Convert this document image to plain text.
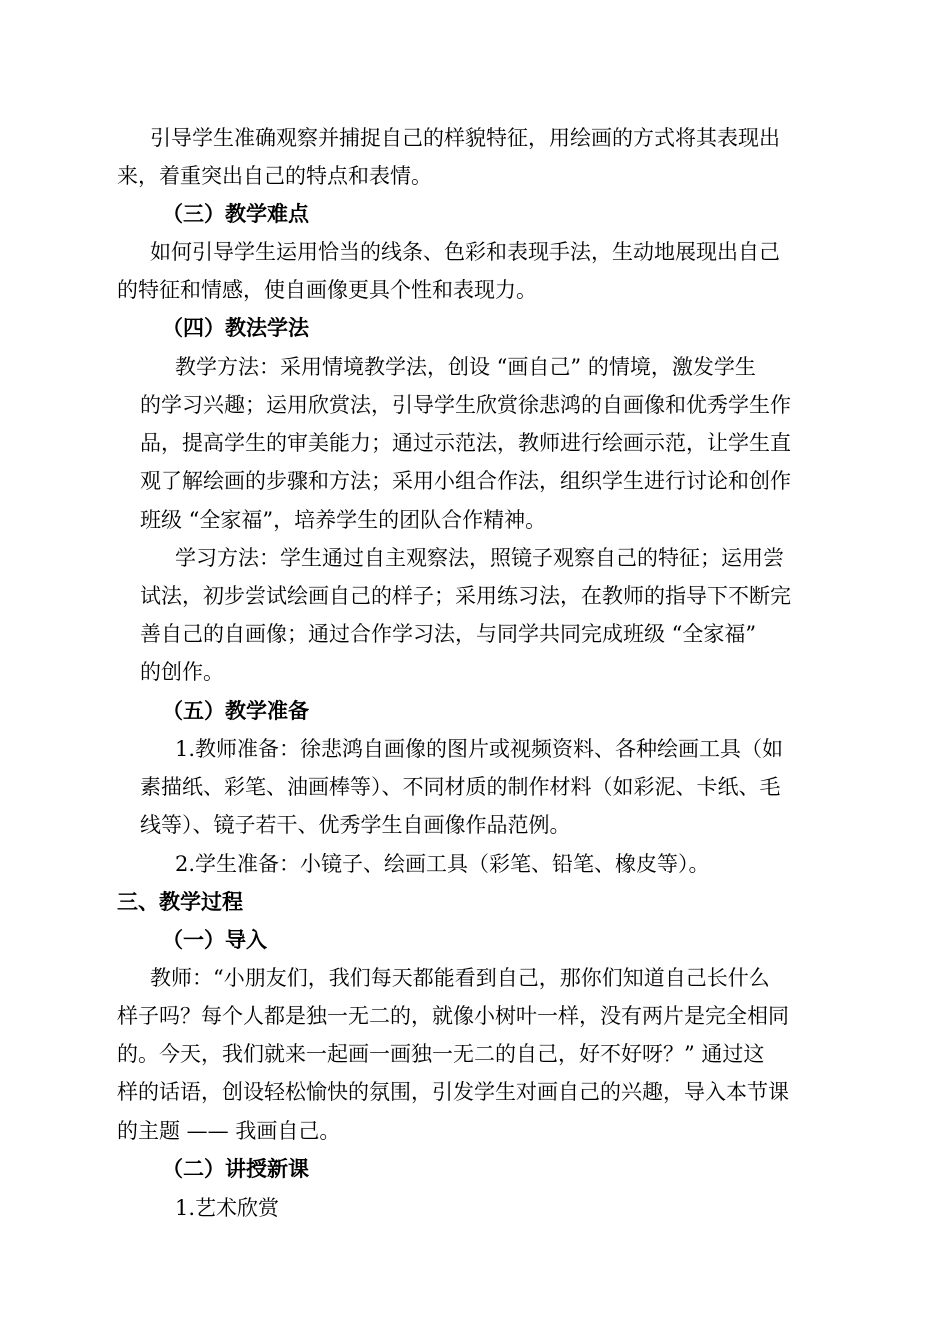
引导学生准确观察并捕捉自己的样貌特征，用绘画的方式将其表现出
来，着重突出自己的特点和表情。
（三）教学难点
如何引导学生运用恰当的线条、色彩和表现手法，生动地展现出自己
的特征和情感，使自画像更具个性和表现力。
（四）教法学法
教学方法：采用情境教学法，创设 “画自己” 的情境，激发学生
的学习兴趣；运用欣赏法，引导学生欣赏徐悲鸿的自画像和优秀学生作
品，提高学生的审美能力；通过示范法，教师进行绘画示范，让学生直
观了解绘画的步骤和方法；采用小组合作法，组织学生进行讨论和创作
班级 “全家福”，培养学生的团队合作精神。
学习方法：学生通过自主观察法，照镜子观察自己的特征；运用尝
试法，初步尝试绘画自己的样子；采用练习法，在教师的指导下不断完
善自己的自画像；通过合作学习法，与同学共同完成班级 “全家福”
的创作。
（五）教学准备
1.教师准备：徐悲鸿自画像的图片或视频资料、各种绘画工具（如
素描纸、彩笔、油画棒等）、不同材质的制作材料（如彩泥、卡纸、毛
线等）、镜子若干、优秀学生自画像作品范例。
2.学生准备：小镜子、绘画工具（彩笔、铅笔、橡皮等）。
三、教学过程
（一）导入
教师：“小朋友们，我们每天都能看到自己，那你们知道自己长什么
样子吗？每个人都是独一无二的，就像小树叶一样，没有两片是完全相同
的。今天，我们就来一起画一画独一无二的自己，好不好呀？” 通过这
样的话语，创设轻松愉快的氛围，引发学生对画自己的兴趣，导入本节课
的主题 —— 我画自己。
（二）讲授新课
1.艺术欣赏
